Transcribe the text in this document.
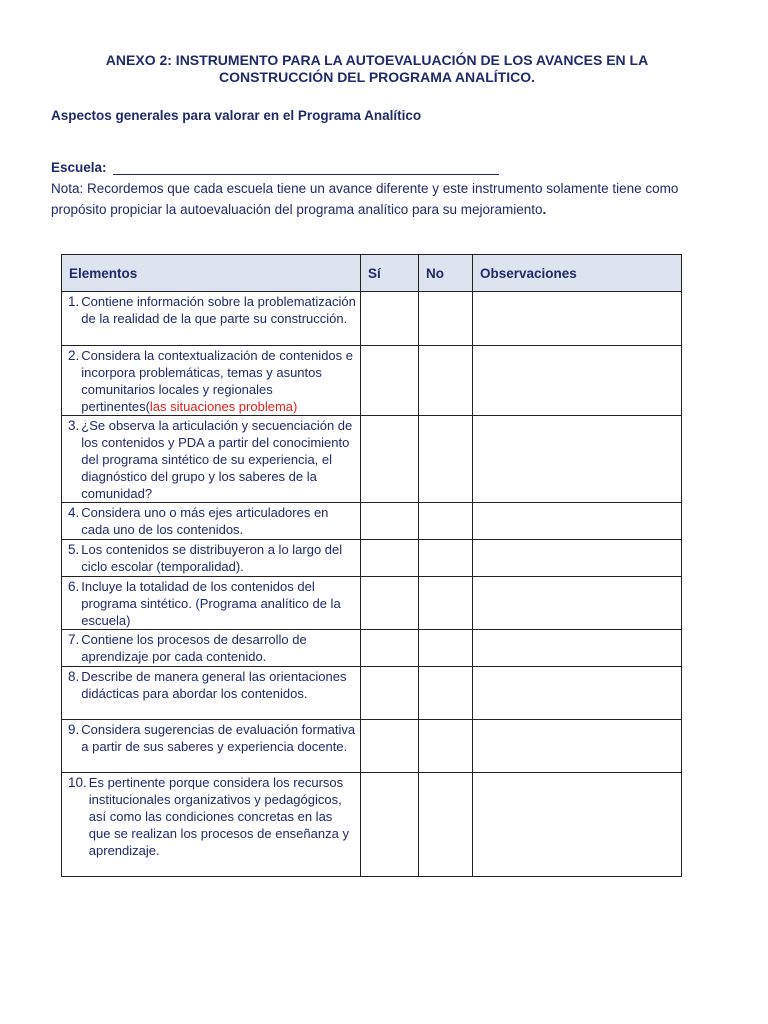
ANEXO 2: INSTRUMENTO PARA LA AUTOEVALUACIÓN DE LOS AVANCES EN LA
CONSTRUCCIÓN DEL PROGRAMA ANALÍTICO.
Aspectos generales para valorar en el Programa Analítico
Escuela:
Nota: Recordemos que cada escuela tiene un avance diferente y este instrumento solamente tiene como propósito propiciar la autoevaluación del programa analítico para su mejoramiento.
Elementos	Sí	No	Observaciones

1. Contiene información sobre la problematización de la realidad de la que parte su construcción.			

2. Considera la contextualización de contenidos e incorpora problemáticas, temas y asuntos comunitarios locales y regionales pertinentes(las situaciones problema)			

3. ¿Se observa la articulación y secuenciación de los contenidos y PDA a partir del conocimiento del programa sintético de su experiencia, el diagnóstico del grupo y los saberes de la comunidad?			

4. Considera uno o más ejes articuladores en cada uno de los contenidos.			

5. Los contenidos se distribuyeron a lo largo del ciclo escolar (temporalidad).			

6. Incluye la totalidad de los contenidos del programa sintético. (Programa analítico de la escuela)			

7. Contiene los procesos de desarrollo de aprendizaje por cada contenido.			

8. Describe de manera general las orientaciones didácticas para abordar los contenidos.			

9. Considera sugerencias de evaluación formativa a partir de sus saberes y experiencia docente.			

10. Es pertinente porque considera los recursos institucionales organizativos y pedagógicos, así como las condiciones concretas en las que se realizan los procesos de enseñanza y aprendizaje.			
